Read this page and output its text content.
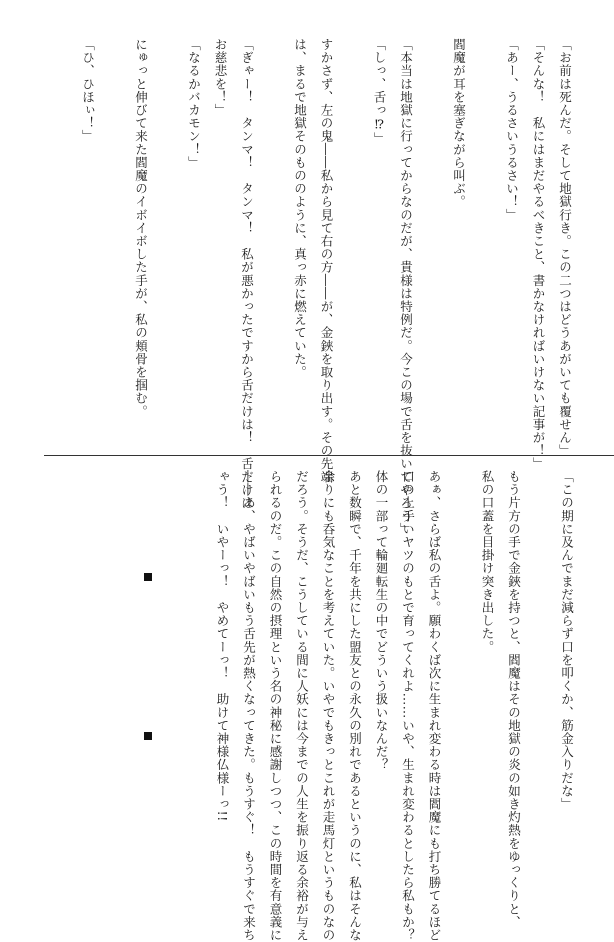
「お前は死んだ。そして地獄行き。この二つはどうあがいても覆せん」
「そんな！　私にはまだやるべきこと、書かなければいけない記事が！」
「あー、うるさいうるさい！」
閻魔が耳を塞ぎながら叫ぶ。
「本当は地獄に行ってからなのだが、貴様は特例だ。今この場で舌を抜いてやろう」
「しっ、舌っ⁉」
すかさず、左の鬼――私から見て右の方――が、金鋏を取り出す。その先端
は、まるで地獄そのもののように、真っ赤に燃えていた。
「ぎゃー！　タンマ！　タンマ！　私が悪かったですから舌だけは！　舌だけは
お慈悲を！」
「なるかバカモン！」
にゅっと伸びて来た閻魔のイボイボした手が、私の頬骨を掴む。
「ひ、ひほぃ！」
「この期に及んでまだ減らず口を叩くか、筋金入りだな」
もう片方の手で金鋏を持つと、閻魔はその地獄の炎の如き灼熱をゆっくりと、
私の口蓋を目掛け突き出した。
あぁ、さらば私の舌よ。願わくば次に生まれ変わる時は閻魔にも打ち勝てるほど
口の上手いヤツのもとで育ってくれよ……いや、生まれ変わるとしたら私もか？
体の一部って輪廻転生の中でどういう扱いなんだ？
あと数瞬で、千年を共にした盟友との永久の別れであるというのに、私はそんな
余りにも呑気なことを考えていた。いやでもきっとこれが走馬灯というものなの
だろう。そうだ、こうしている間に人妖には今までの人生を振り返る余裕が与え
られるのだ。この自然の摂理という名の神秘に感謝しつつ、この時間を有意義に
――あ、やばいやばいもう舌先が熱くなってきた。もうすぐ！　もうすぐで来ち
ゃう！　いやーっ！　やめてーっ！　助けて神様仏様ーっ!!
